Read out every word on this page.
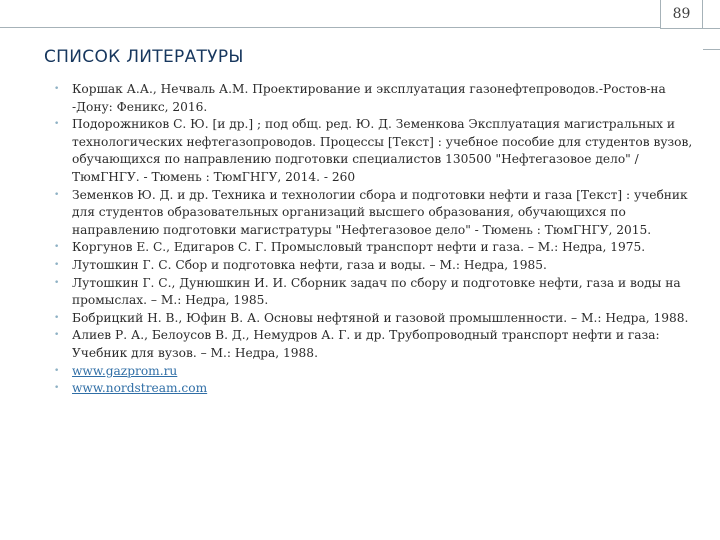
89
СПИСОК ЛИТЕРАТУРЫ
• Коршак А.А., Нечваль А.М. Проектирование и эксплуатация газонефтепроводов.-Ростов-на -Дону: Феникс, 2016.
• Подорожников С. Ю. [и др.] ; под общ. ред. Ю. Д. Земенкова Эксплуатация магистральных и технологических нефтегазопроводов. Процессы [Текст] : учебное пособие для студентов вузов, обучающихся по направлению подготовки специалистов 130500 "Нефтегазовое дело" / ТюмГНГУ. - Тюмень : ТюмГНГУ, 2014. - 260
• Земенков Ю. Д. и др. Техника и технологии сбора и подготовки нефти и газа [Текст] : учебник для студентов образовательных организаций высшего образования, обучающихся по направлению подготовки магистратуры "Нефтегазовое дело" - Тюмень : ТюмГНГУ, 2015.
• Коргунов Е. С., Едигаров С. Г. Промысловый транспорт нефти и газа. – М.: Недра, 1975.
• Лутошкин Г. С. Сбор и подготовка нефти, газа и воды. – М.: Недра, 1985.
• Лутошкин Г. С., Дунюшкин И. И. Сборник задач по сбору и подготовке нефти, газа и воды на промыслах. – М.: Недра, 1985.
• Бобрицкий Н. В., Юфин В. А. Основы нефтяной и газовой промышленности. – М.: Недра, 1988.
• Алиев Р. А., Белоусов В. Д., Немудров А. Г. и др. Трубопроводный транспорт нефти и газа: Учебник для вузов. – М.: Недра, 1988.
• www.gazprom.ru
• www.nordstream.com
